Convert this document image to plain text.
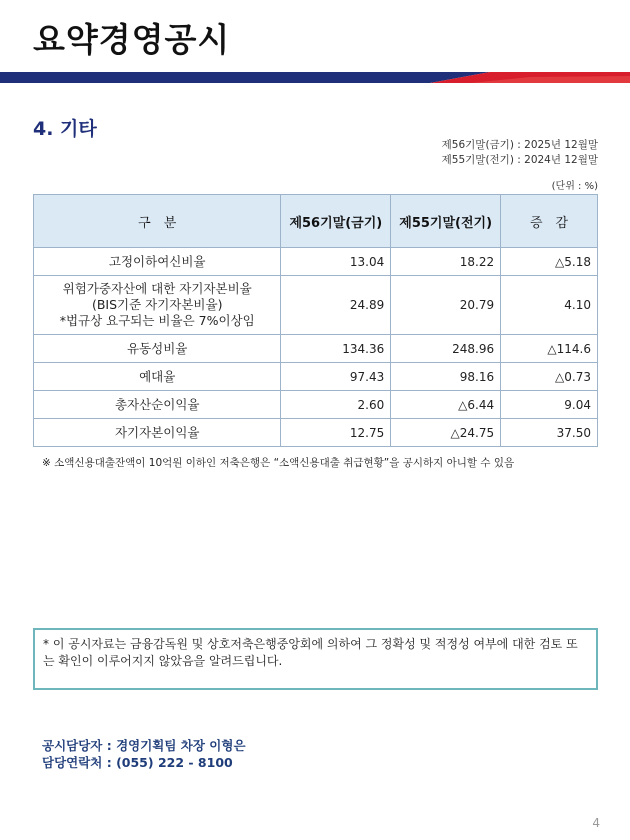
요약경영공시
4. 기타
제56기말(금기) : 2025년 12월말
제55기말(전기) : 2024년 12월말
(단위 : %)
구　분	제56기말(금기)	제55기말(전기)	증　감

고정이하여신비율	13.04	18.22	△5.18

위험가중자산에 대한 자기자본비율
(BIS기준 자기자본비율)
*법규상 요구되는 비율은 7%이상임	24.89	20.79	4.10

유동성비율	134.36	248.96	△114.6

예대율	97.43	98.16	△0.73

총자산순이익율	2.60	△6.44	9.04

자기자본이익율	12.75	△24.75	37.50
※ 소액신용대출잔액이 10억원 이하인 저축은행은 “소액신용대출 취급현황”을 공시하지 아니할 수 있음
* 이 공시자료는 금융감독원 및 상호저축은행중앙회에 의하여 그 정확성 및 적정성 여부에 대한 검토 또는 확인이 이루어지지 않았음을 알려드립니다.
공시담당자 : 경영기획팀 차장 이형은
담당연락처 : (055) 222 - 8100
4
